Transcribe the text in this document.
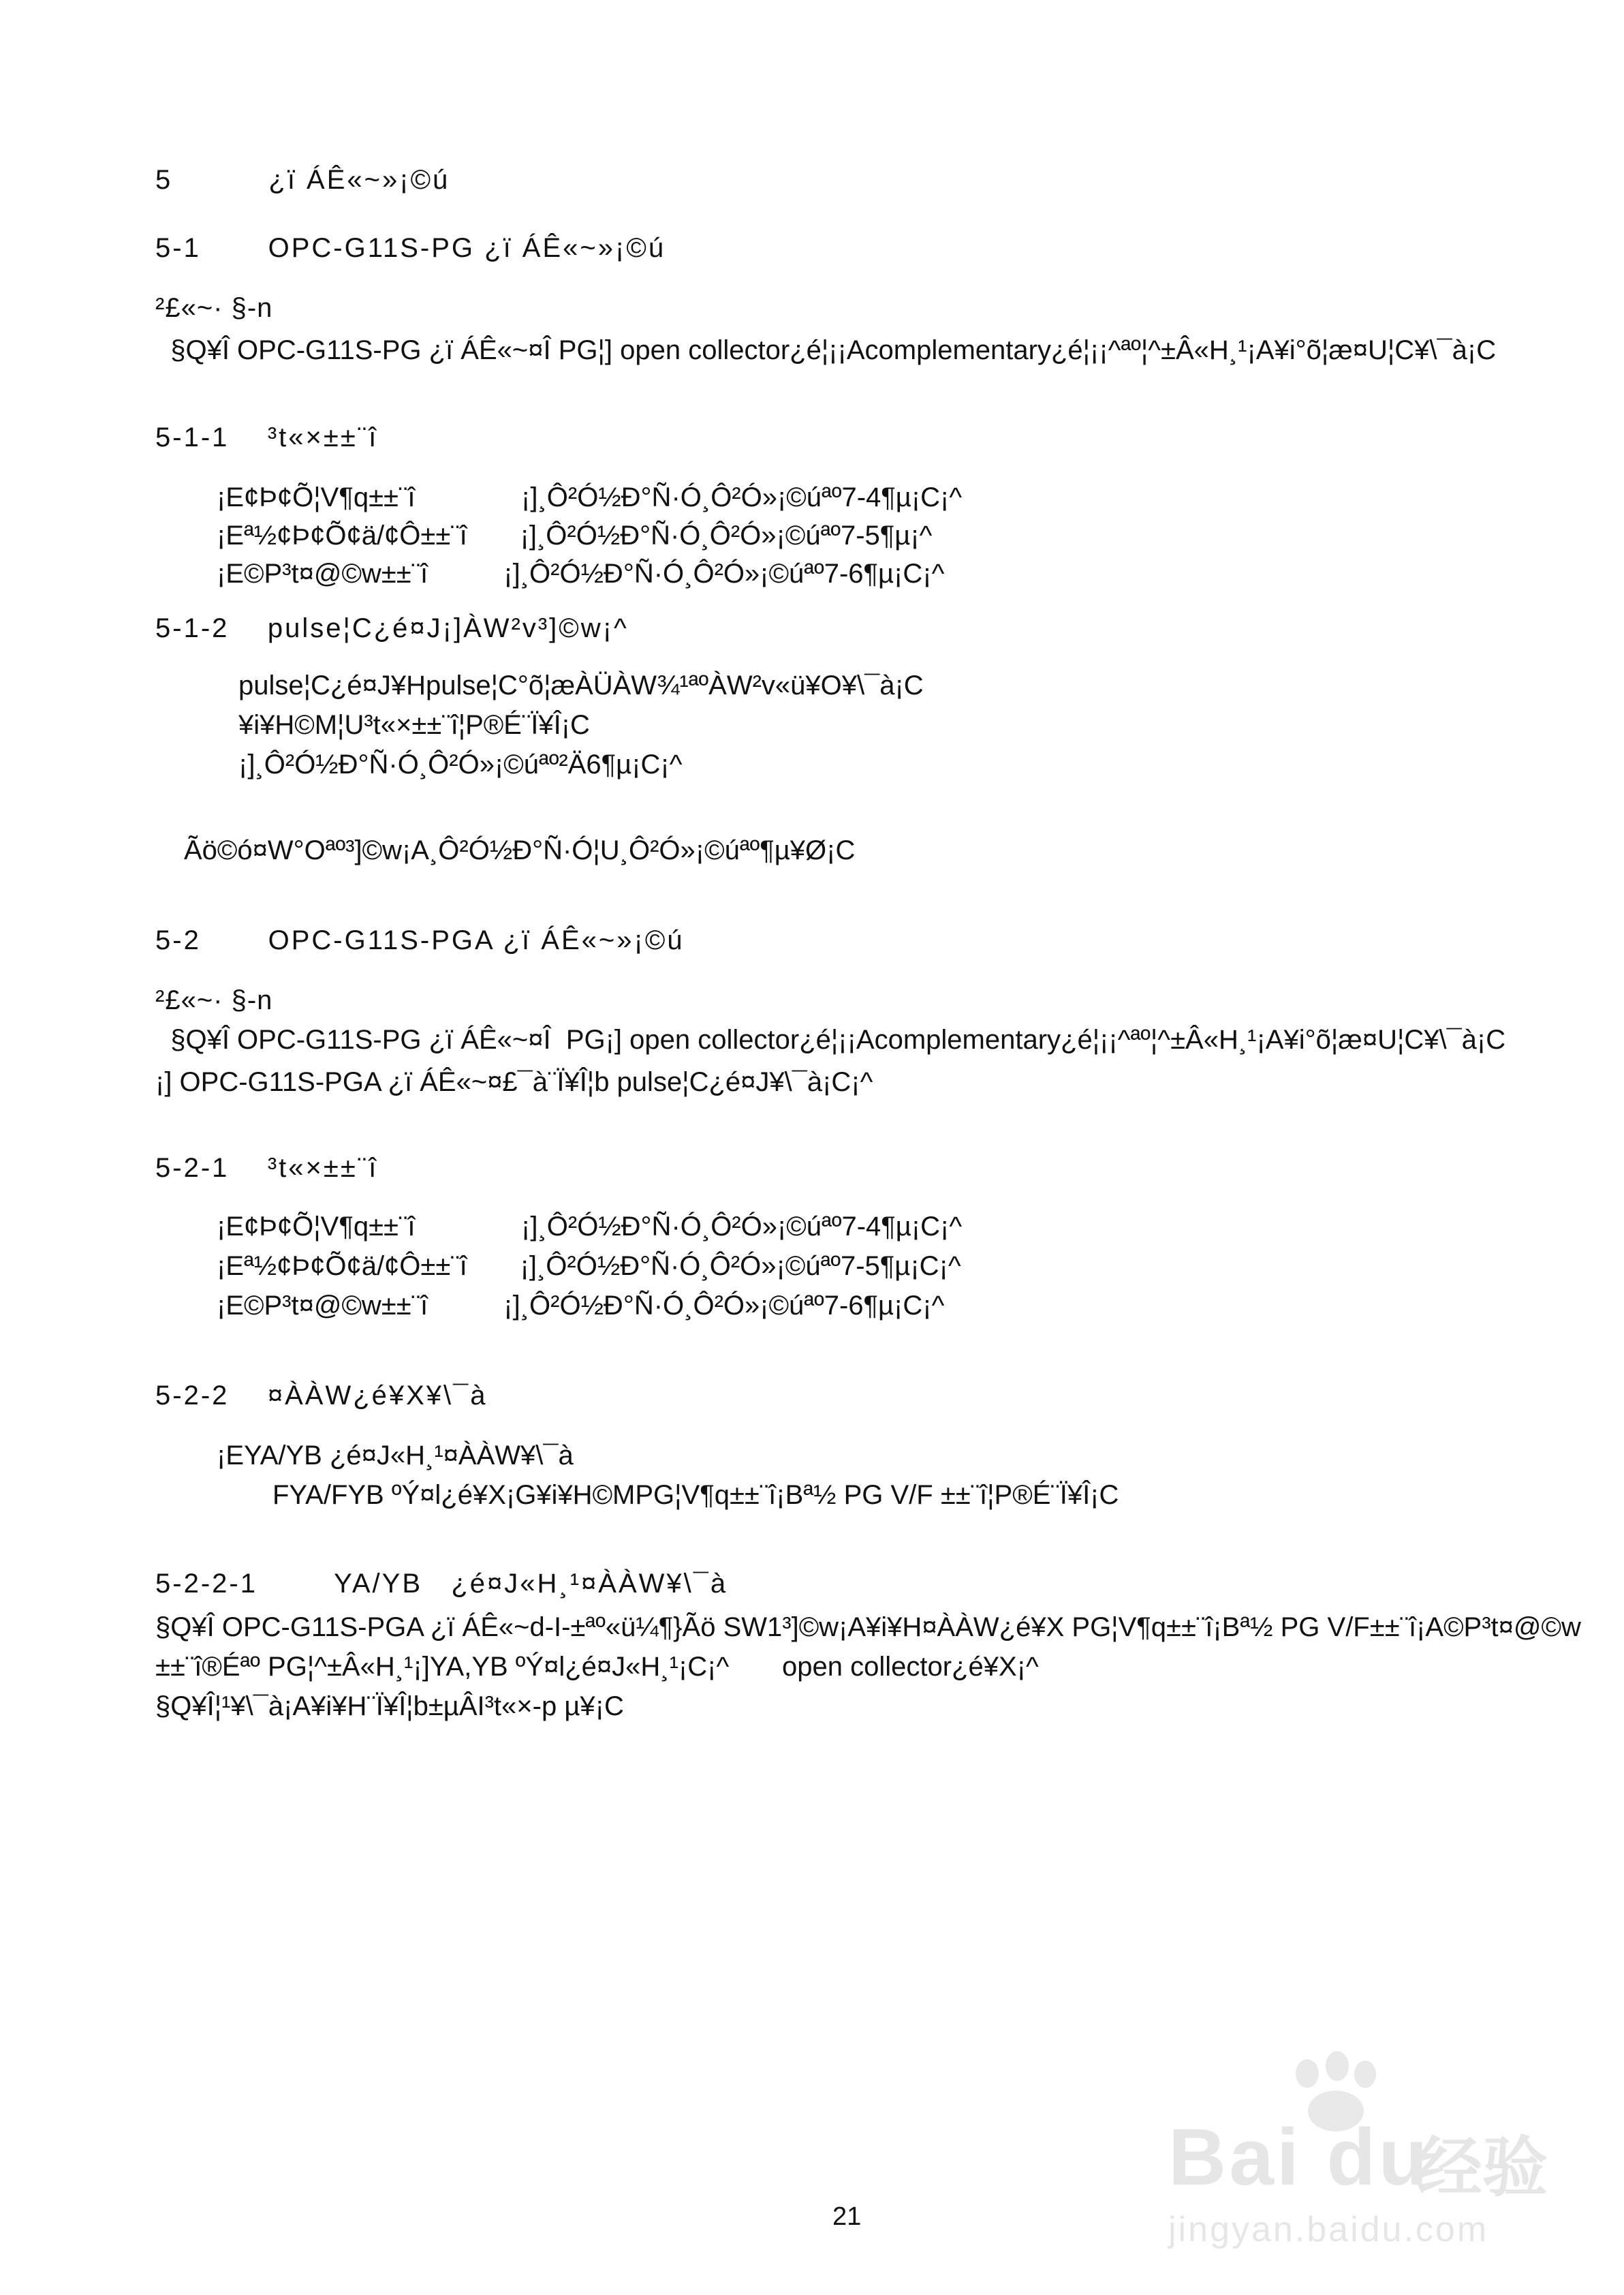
5          ¿ï ÁÊ«~»¡©ú
5-1       OPC-G11S-PG ¿ï ÁÊ«~»¡©ú
²£«~· §-n
§Q¥Î OPC-G11S-PG ¿ï ÁÊ«~¤Î PG¦] open collector¿é¦¡¡Acomplementary¿é¦¡¡^ªº¦^±Â«H¸¹¡A¥i°õ¦æ¤U¦C¥\¯à¡C
5-1-1    ³t«×±±¨î
¡E¢Þ¢Õ¦V¶q±±¨î              ¡]¸Ô²Ó½Ð°Ñ·Ó¸Ô²Ó»¡©úªº7-4¶µ¡C¡^
¡Eª½¢Þ¢Õ¢ä/¢Ô±±¨î       ¡]¸Ô²Ó½Ð°Ñ·Ó¸Ô²Ó»¡©úªº7-5¶µ¡^
¡E©P³t¤@©w±±¨î          ¡]¸Ô²Ó½Ð°Ñ·Ó¸Ô²Ó»¡©úªº7-6¶µ¡C¡^
5-1-2    pulse¦C¿é¤J¡]ÀW²v³]©w¡^
pulse¦C¿é¤J¥Hpulse¦C°õ¦æÀÜÀW¾¹ªºÀW²v«ü¥O¥\¯à¡C
¥i¥H©M¦U³t«×±±¨î¦P®É¨Ï¥Î¡C
¡]¸Ô²Ó½Ð°Ñ·Ó¸Ô²Ó»¡©úªº²Ä6¶µ¡C¡^
Ãö©ó¤W°Oªº³]©w¡A¸Ô²Ó½Ð°Ñ·Ó¦U¸Ô²Ó»¡©úªº¶µ¥Ø¡C
5-2       OPC-G11S-PGA ¿ï ÁÊ«~»¡©ú
²£«~· §-n
§Q¥Î OPC-G11S-PG ¿ï ÁÊ«~¤Î  PG¡] open collector¿é¦¡¡Acomplementary¿é¦¡¡^ªº¦^±Â«H¸¹¡A¥i°õ¦æ¤U¦C¥\¯à¡C
¡] OPC-G11S-PGA ¿ï ÁÊ«~¤£¯à¨Ï¥Î¦b pulse¦C¿é¤J¥\¯à¡C¡^
5-2-1    ³t«×±±¨î
¡E¢Þ¢Õ¦V¶q±±¨î              ¡]¸Ô²Ó½Ð°Ñ·Ó¸Ô²Ó»¡©úªº7-4¶µ¡C¡^
¡Eª½¢Þ¢Õ¢ä/¢Ô±±¨î       ¡]¸Ô²Ó½Ð°Ñ·Ó¸Ô²Ó»¡©úªº7-5¶µ¡C¡^
¡E©P³t¤@©w±±¨î          ¡]¸Ô²Ó½Ð°Ñ·Ó¸Ô²Ó»¡©úªº7-6¶µ¡C¡^
5-2-2    ¤ÀÀW¿é¥X¥\¯à
¡EYA/YB ¿é¤J«H¸¹¤ÀÀW¥\¯à
FYA/FYB ºÝ¤l¿é¥X¡G¥i¥H©MPG¦V¶q±±¨î¡Bª½ PG V/F ±±¨î¦P®É¨Ï¥Î¡C
5-2-2-1        YA/YB   ¿é¤J«H¸¹¤ÀÀW¥\¯à
§Q¥Î OPC-G11S-PGA ¿ï ÁÊ«~d-I-±ªº«ü¼¶}Ãö SW1³]©w¡A¥i¥H¤ÀÀW¿é¥X PG¦V¶q±±¨î¡Bª½ PG V/F±±¨î¡A©P³t¤@©w
±±¨î®Éªº PG¦^±Â«H¸¹¡]YA,YB ºÝ¤l¿é¤J«H¸¹¡C¡^       open collector¿é¥X¡^
§Q¥Î¦¹¥\¯à¡A¥i¥H¨Ï¥Î¦b±µÂI³t«×-p µ¥¡C
Bai du
经验
jingyan.baidu.com
21
